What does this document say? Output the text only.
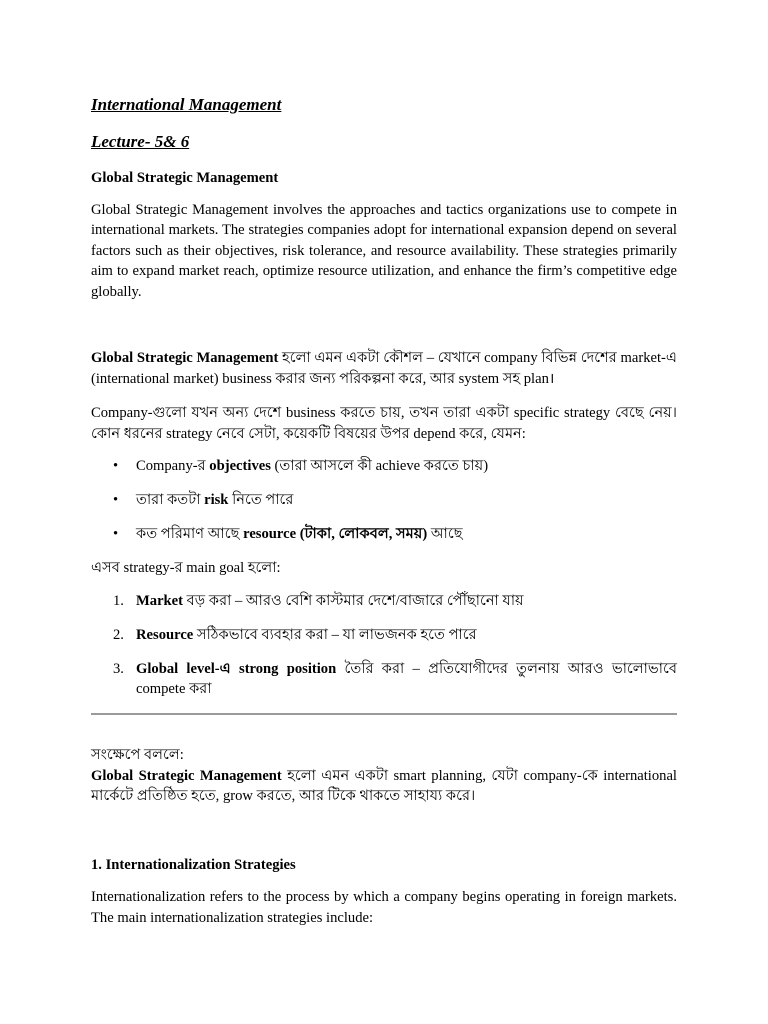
International Management
Lecture- 5& 6
Global Strategic Management

Global Strategic Management involves the approaches and tactics organizations use to compete in international markets. The strategies companies adopt for international expansion depend on several factors such as their objectives, risk tolerance, and resource availability. These strategies primarily aim to expand market reach, optimize resource utilization, and enhance the firm’s competitive edge globally.

Global Strategic Management হলো এমন একটা কৌশল – যেখানে company বিভিন্ন দেশের market-এ (international market) business করার জন্য পরিকল্পনা করে, আর system সহ plan।

Company-গুলো যখন অন্য দেশে business করতে চায়, তখন তারা একটা specific strategy বেছে নেয়। কোন ধরনের strategy নেবে সেটা, কয়েকটি বিষয়ের উপর depend করে, যেমন:

• Company-র objectives (তারা আসলে কী achieve করতে চায়)
• তারা কতটা risk নিতে পারে
• কত পরিমাণ আছে resource (টাকা, লোকবল, সময়) আছে

এসব strategy-র main goal হলো:

1. Market বড় করা – আরও বেশি কাস্টমার দেশে/বাজারে পৌঁছানো যায়
2. Resource সঠিকভাবে ব্যবহার করা – যা লাভজনক হতে পারে
3. Global level-এ strong position তৈরি করা – প্রতিযোগীদের তুলনায় আরও ভালোভাবে compete করা

সংক্ষেপে বললে:

Global Strategic Management হলো এমন একটা smart planning, যেটা company-কে international মার্কেটে প্রতিষ্ঠিত হতে, grow করতে, আর টিকে থাকতে সাহায্য করে।

1. Internationalization Strategies

Internationalization refers to the process by which a company begins operating in foreign markets. The main internationalization strategies include:
